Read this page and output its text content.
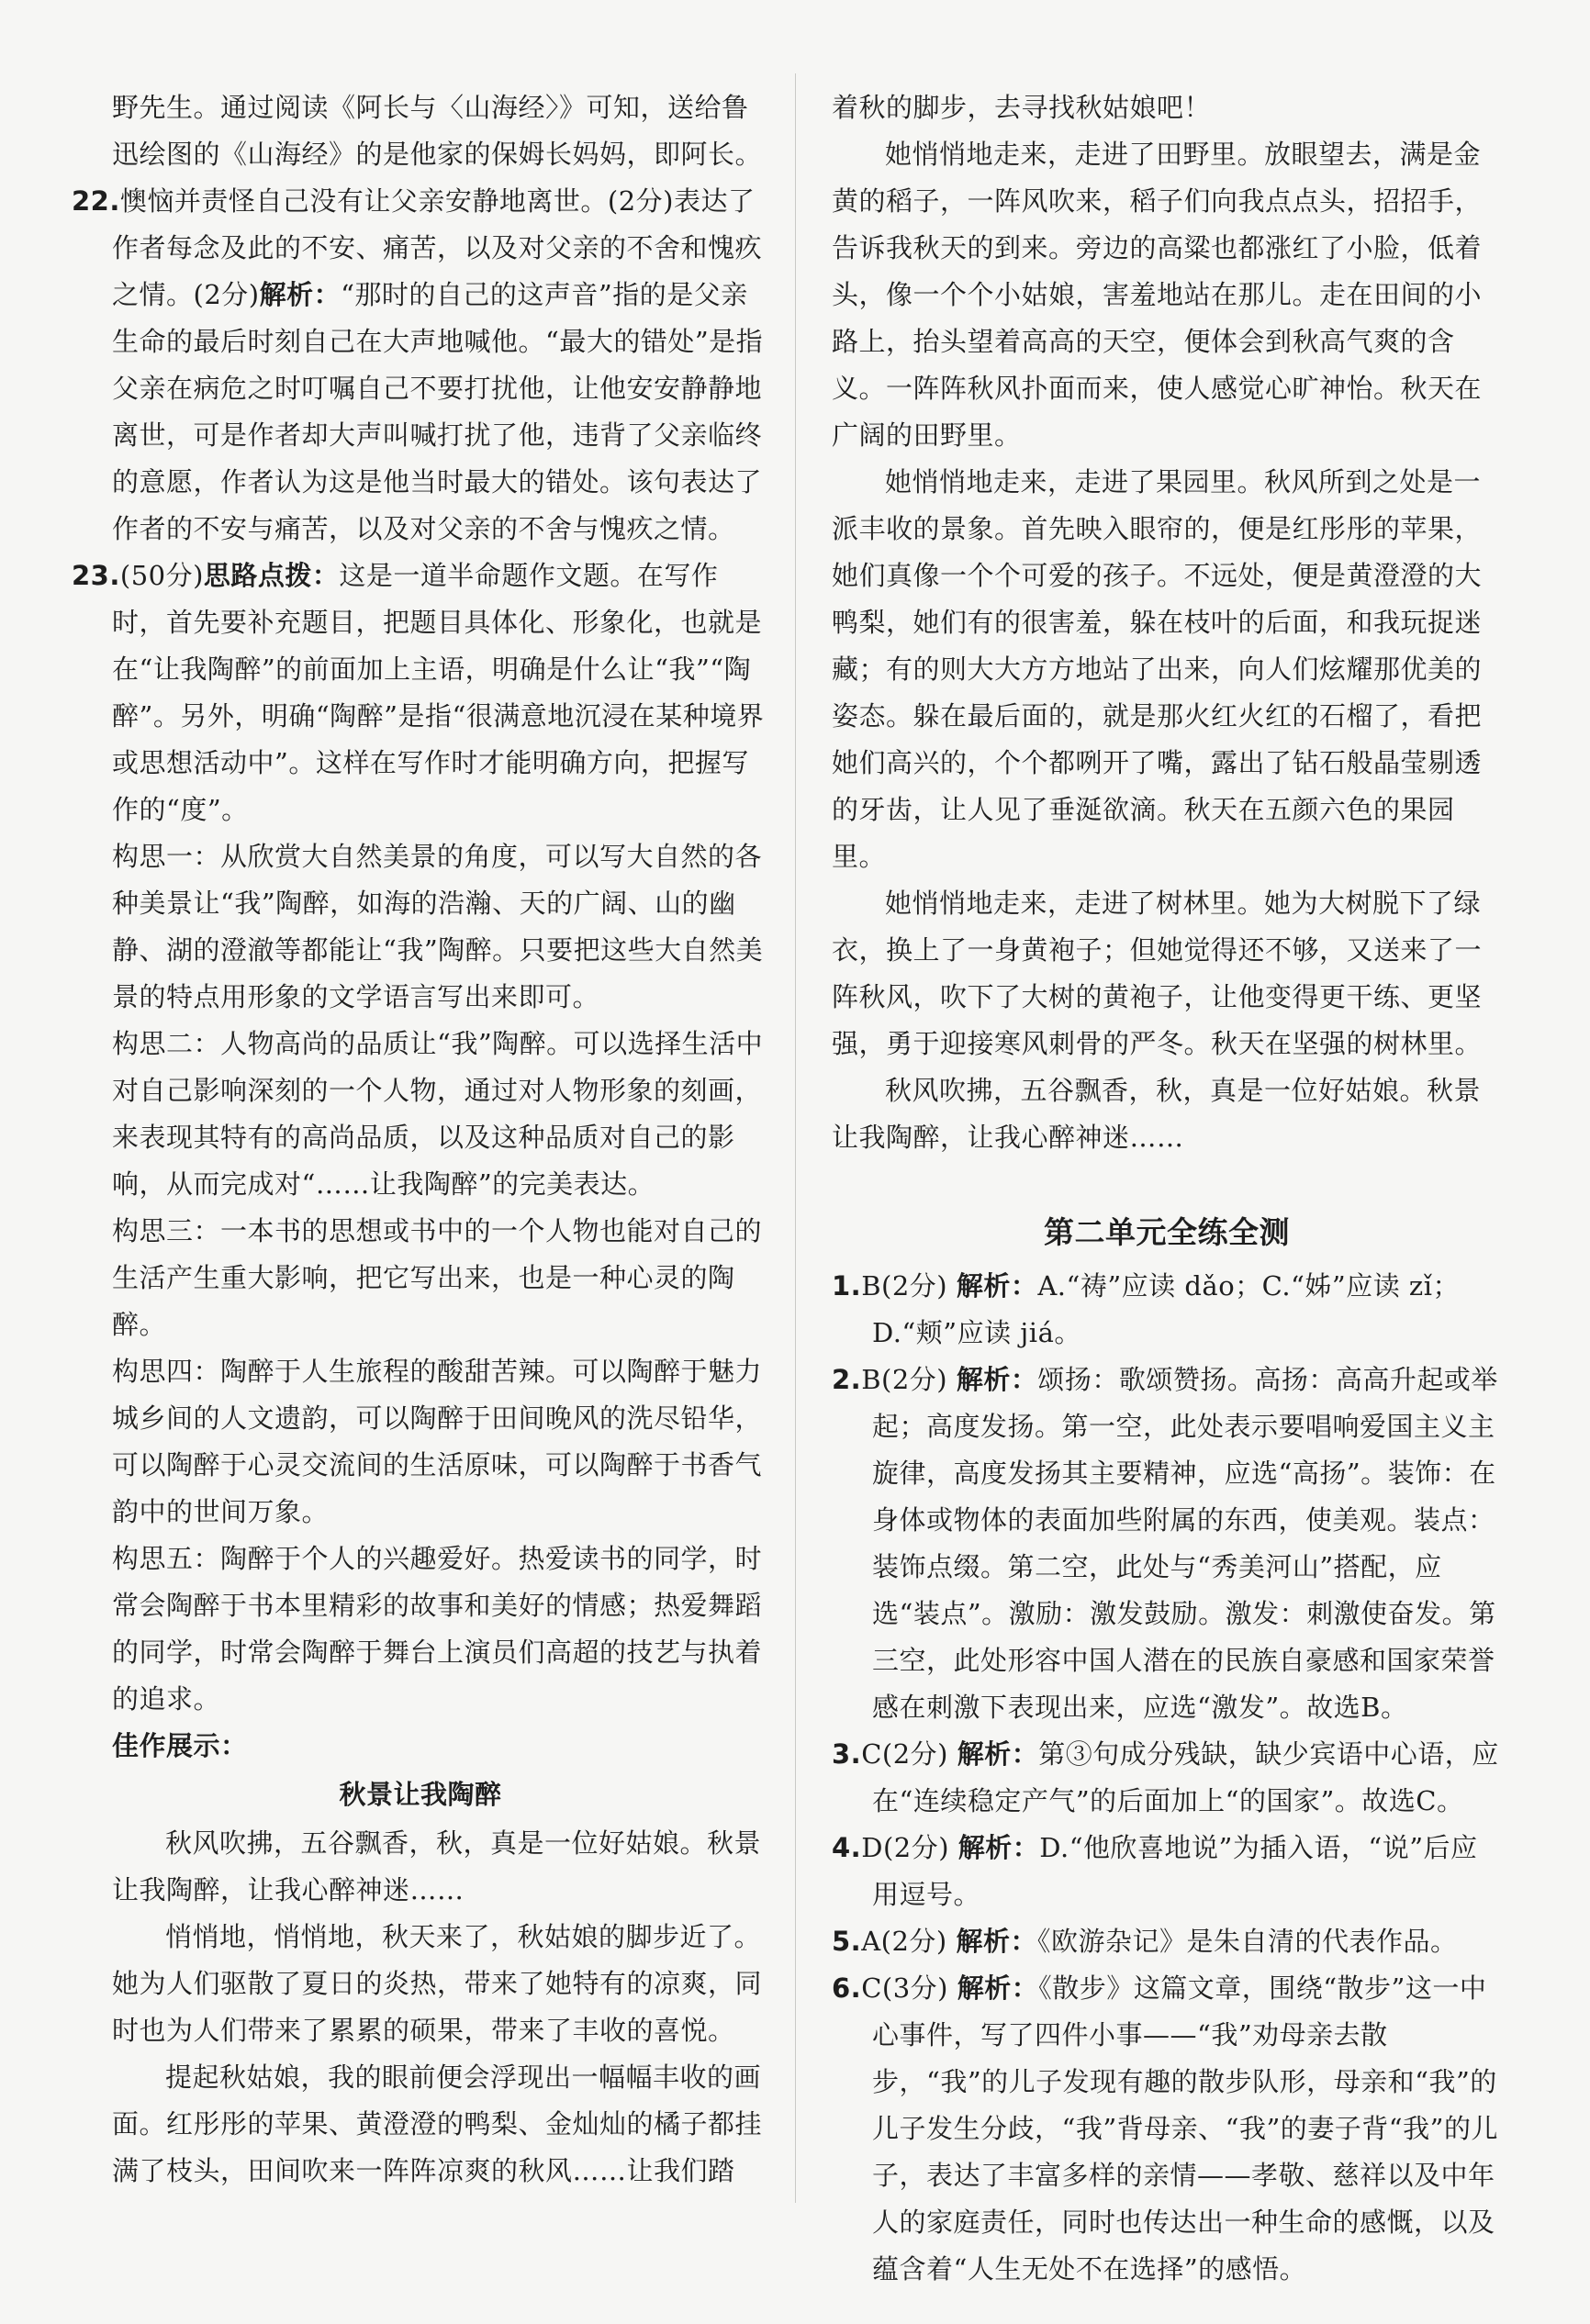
野先生。通过阅读《阿长与〈山海经〉》可知，送给鲁迅绘图的《山海经》的是他家的保姆长妈妈，即阿长。

22.懊恼并责怪自己没有让父亲安静地离世。(2分)表达了作者每念及此的不安、痛苦，以及对父亲的不舍和愧疚之情。(2分)解析：“那时的自己的这声音”指的是父亲生命的最后时刻自己在大声地喊他。“最大的错处”是指父亲在病危之时叮嘱自己不要打扰他，让他安安静静地离世，可是作者却大声叫喊打扰了他，违背了父亲临终的意愿，作者认为这是他当时最大的错处。该句表达了作者的不安与痛苦，以及对父亲的不舍与愧疚之情。

23.(50分)思路点拨：这是一道半命题作文题。在写作时，首先要补充题目，把题目具体化、形象化，也就是在“让我陶醉”的前面加上主语，明确是什么让“我”“陶醉”。另外，明确“陶醉”是指“很满意地沉浸在某种境界或思想活动中”。这样在写作时才能明确方向，把握写作的“度”。

构思一：从欣赏大自然美景的角度，可以写大自然的各种美景让“我”陶醉，如海的浩瀚、天的广阔、山的幽静、湖的澄澈等都能让“我”陶醉。只要把这些大自然美景的特点用形象的文学语言写出来即可。

构思二：人物高尚的品质让“我”陶醉。可以选择生活中对自己影响深刻的一个人物，通过对人物形象的刻画，来表现其特有的高尚品质，以及这种品质对自己的影响，从而完成对“……让我陶醉”的完美表达。

构思三：一本书的思想或书中的一个人物也能对自己的生活产生重大影响，把它写出来，也是一种心灵的陶醉。

构思四：陶醉于人生旅程的酸甜苦辣。可以陶醉于魅力城乡间的人文遗韵，可以陶醉于田间晚风的洗尽铅华，可以陶醉于心灵交流间的生活原味，可以陶醉于书香气韵中的世间万象。

构思五：陶醉于个人的兴趣爱好。热爱读书的同学，时常会陶醉于书本里精彩的故事和美好的情感；热爱舞蹈的同学，时常会陶醉于舞台上演员们高超的技艺与执着的追求。

佳作展示：

秋景让我陶醉

秋风吹拂，五谷飘香，秋，真是一位好姑娘。秋景让我陶醉，让我心醉神迷……

悄悄地，悄悄地，秋天来了，秋姑娘的脚步近了。她为人们驱散了夏日的炎热，带来了她特有的凉爽，同时也为人们带来了累累的硕果，带来了丰收的喜悦。

提起秋姑娘，我的眼前便会浮现出一幅幅丰收的画面。红彤彤的苹果、黄澄澄的鸭梨、金灿灿的橘子都挂满了枝头，田间吹来一阵阵凉爽的秋风……让我们踏

着秋的脚步，去寻找秋姑娘吧！

她悄悄地走来，走进了田野里。放眼望去，满是金黄的稻子，一阵风吹来，稻子们向我点点头，招招手，告诉我秋天的到来。旁边的高粱也都涨红了小脸，低着头，像一个个小姑娘，害羞地站在那儿。走在田间的小路上，抬头望着高高的天空，便体会到秋高气爽的含义。一阵阵秋风扑面而来，使人感觉心旷神怡。秋天在广阔的田野里。

她悄悄地走来，走进了果园里。秋风所到之处是一派丰收的景象。首先映入眼帘的，便是红彤彤的苹果，她们真像一个个可爱的孩子。不远处，便是黄澄澄的大鸭梨，她们有的很害羞，躲在枝叶的后面，和我玩捉迷藏；有的则大大方方地站了出来，向人们炫耀那优美的姿态。躲在最后面的，就是那火红火红的石榴了，看把她们高兴的，个个都咧开了嘴，露出了钻石般晶莹剔透的牙齿，让人见了垂涎欲滴。秋天在五颜六色的果园里。

她悄悄地走来，走进了树林里。她为大树脱下了绿衣，换上了一身黄袍子；但她觉得还不够，又送来了一阵秋风，吹下了大树的黄袍子，让他变得更干练、更坚强，勇于迎接寒风刺骨的严冬。秋天在坚强的树林里。

秋风吹拂，五谷飘香，秋，真是一位好姑娘。秋景让我陶醉，让我心醉神迷……

第二单元全练全测

1.B(2分) 解析：A.“祷”应读 dǎo；C.“姊”应读 zǐ；D.“颊”应读 jiá。

2.B(2分) 解析：颂扬：歌颂赞扬。高扬：高高升起或举起；高度发扬。第一空，此处表示要唱响爱国主义主旋律，高度发扬其主要精神，应选“高扬”。装饰：在身体或物体的表面加些附属的东西，使美观。装点：装饰点缀。第二空，此处与“秀美河山”搭配，应选“装点”。激励：激发鼓励。激发：刺激使奋发。第三空，此处形容中国人潜在的民族自豪感和国家荣誉感在刺激下表现出来，应选“激发”。故选B。

3.C(2分) 解析：第③句成分残缺，缺少宾语中心语，应在“连续稳定产气”的后面加上“的国家”。故选C。

4.D(2分) 解析：D.“他欣喜地说”为插入语，“说”后应用逗号。

5.A(2分) 解析：《欧游杂记》是朱自清的代表作品。

6.C(3分) 解析：《散步》这篇文章，围绕“散步”这一中心事件，写了四件小事——“我”劝母亲去散步，“我”的儿子发现有趣的散步队形，母亲和“我”的儿子发生分歧，“我”背母亲、“我”的妻子背“我”的儿子，表达了丰富多样的亲情——孝敬、慈祥以及中年人的家庭责任，同时也传达出一种生命的感慨，以及蕴含着“人生无处不在选择”的感悟。
